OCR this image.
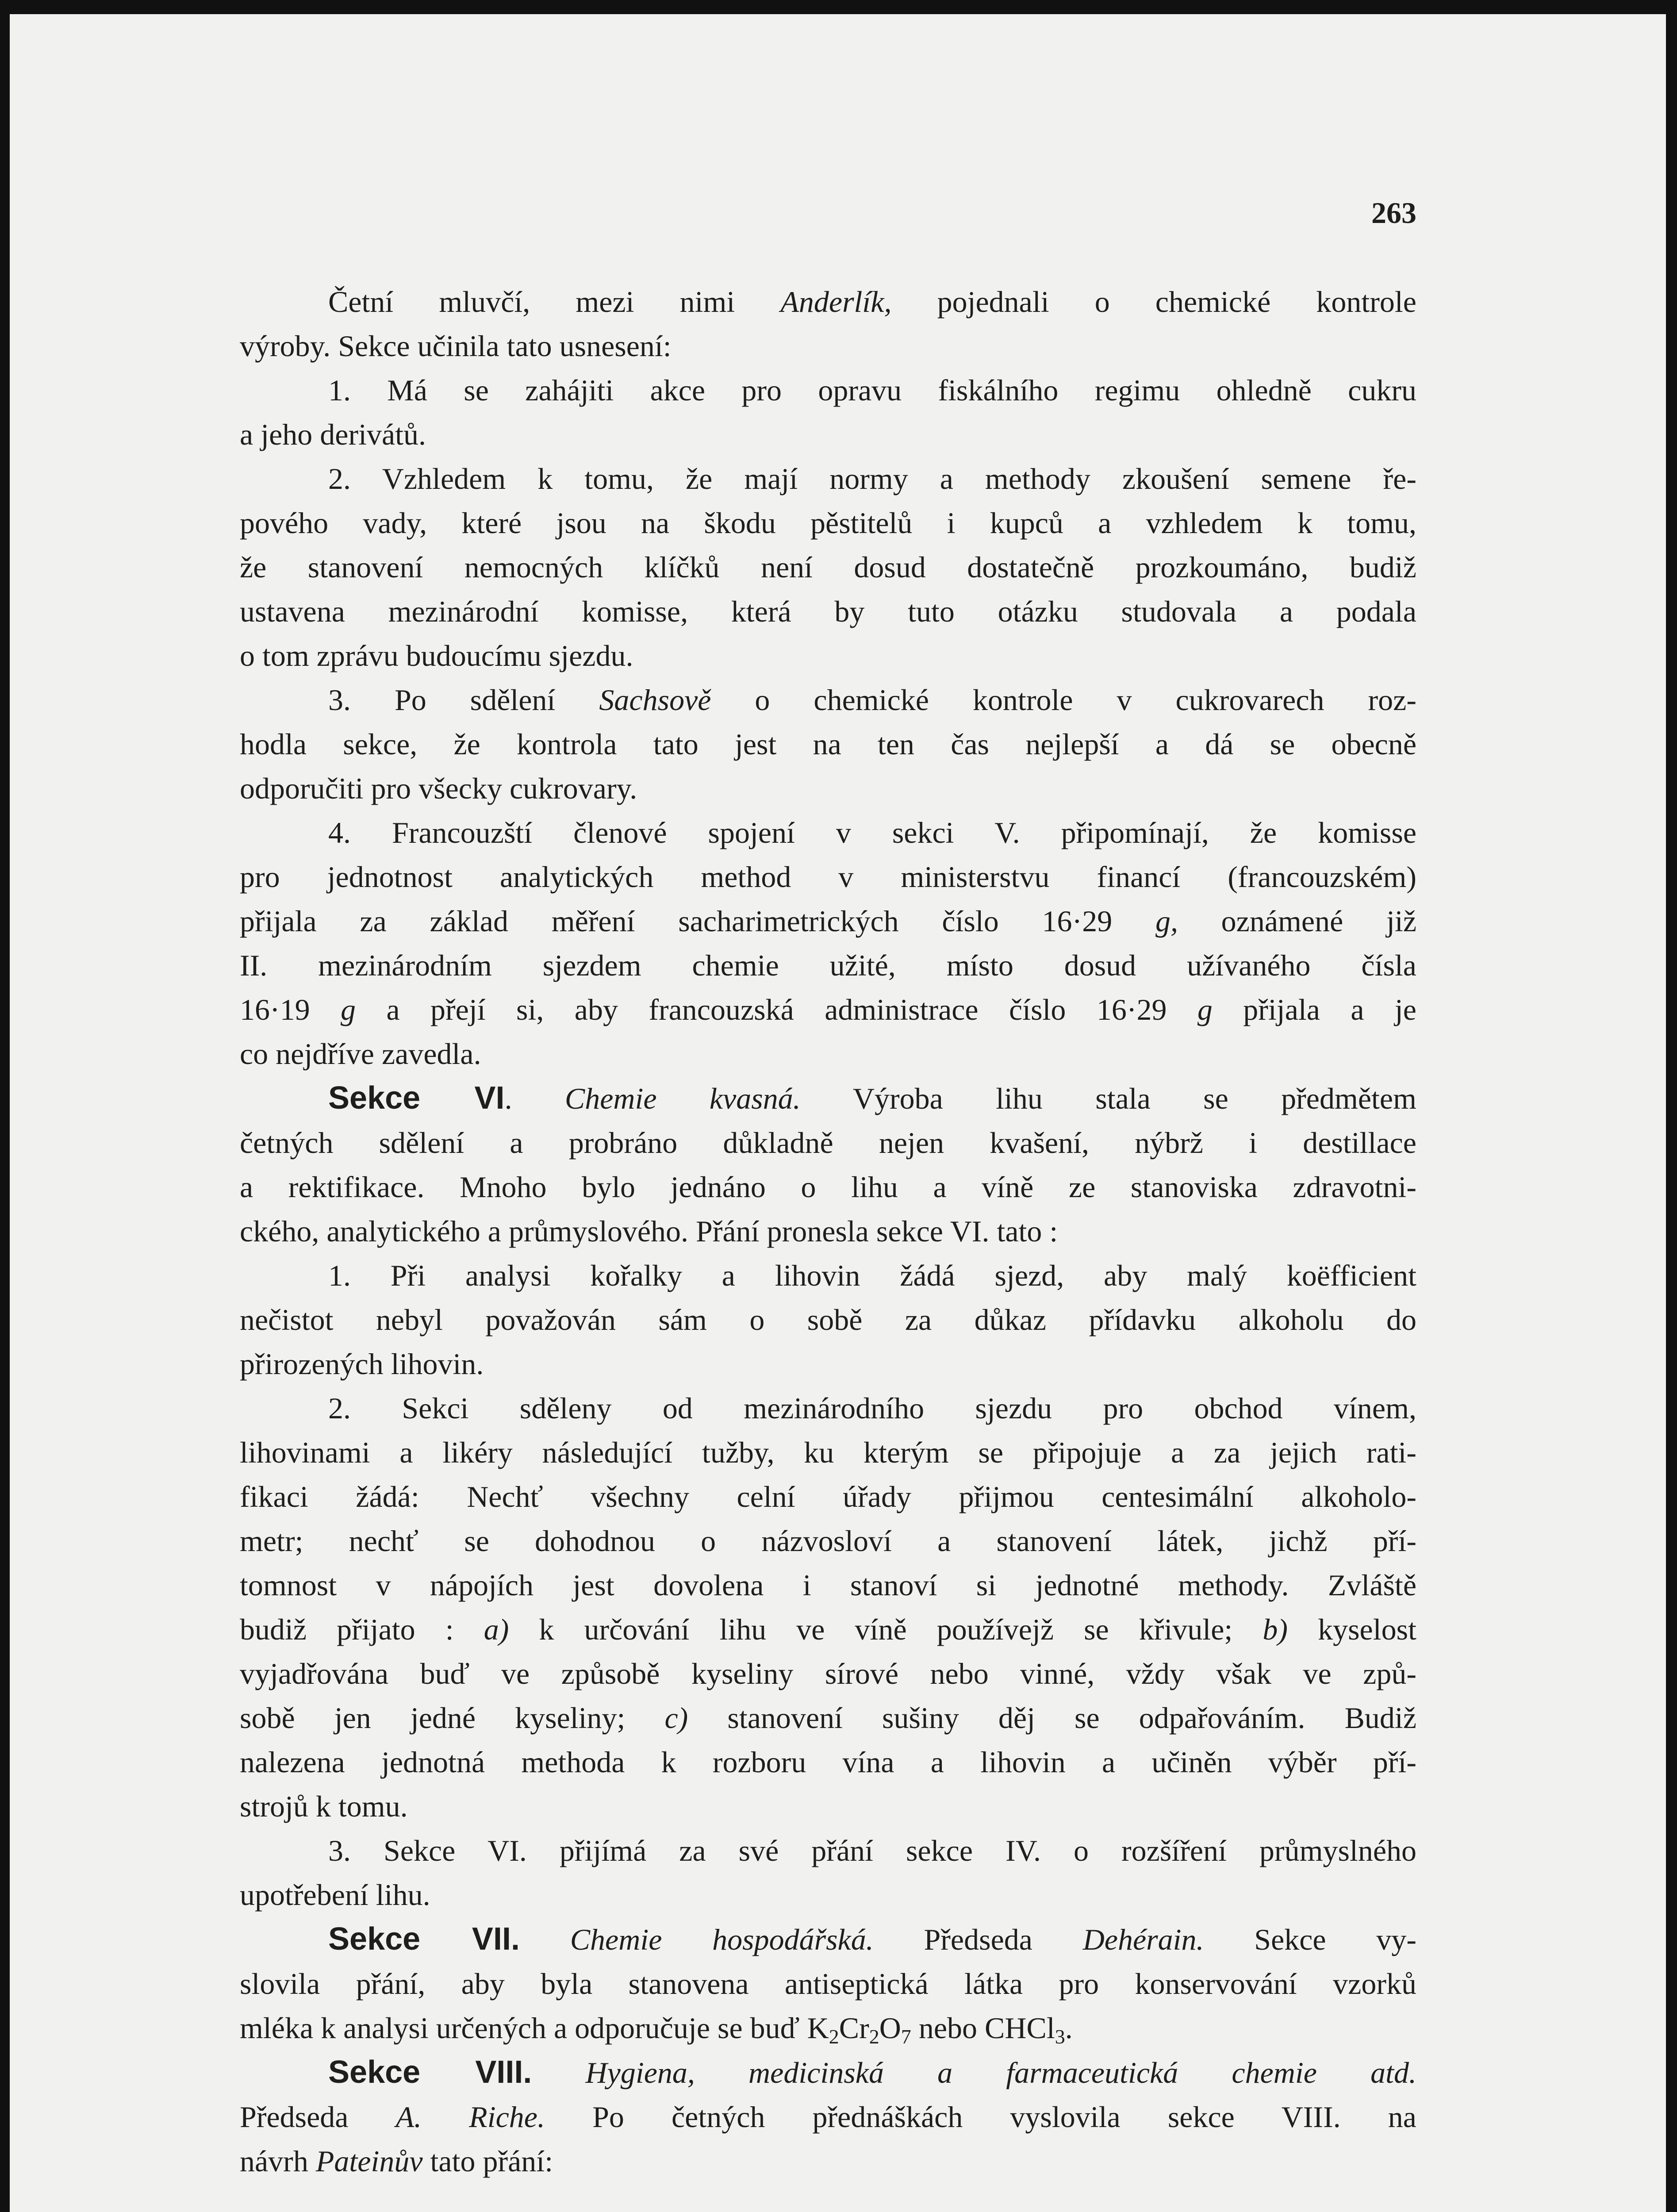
263
Četní mluvčí, mezi nimi Anderlík, pojednali o chemické kontrole
výroby. Sekce učinila tato usnesení:
1. Má se zahájiti akce pro opravu fiskálního regimu ohledně cukru
a jeho derivátů.
2. Vzhledem k tomu, že mají normy a methody zkoušení semene ře-
pového vady, které jsou na škodu pěstitelů i kupců a vzhledem k tomu,
že stanovení nemocných klíčků není dosud dostatečně prozkoumáno, budiž
ustavena mezinárodní komisse, která by tuto otázku studovala a podala
o tom zprávu budoucímu sjezdu.
3. Po sdělení Sachsově o chemické kontrole v cukrovarech roz-
hodla sekce, že kontrola tato jest na ten čas nejlepší a dá se obecně
odporučiti pro všecky cukrovary.
4. Francouzští členové spojení v sekci V. připomínají, že komisse
pro jednotnost analytických method v ministerstvu financí (francouzském)
přijala za základ měření sacharimetrických číslo 16·29 g, oznámené již
II. mezinárodním sjezdem chemie užité, místo dosud užívaného čísla
16·19 g a přejí si, aby francouzská administrace číslo 16·29 g přijala a je
co nejdříve zavedla.
Sekce VI. Chemie kvasná. Výroba lihu stala se předmětem
četných sdělení a probráno důkladně nejen kvašení, nýbrž i destillace
a rektifikace. Mnoho bylo jednáno o lihu a víně ze stanoviska zdravotni-
ckého, analytického a průmyslového. Přání pronesla sekce VI. tato :
1. Při analysi kořalky a lihovin žádá sjezd, aby malý koëfficient
nečistot nebyl považován sám o sobě za důkaz přídavku alkoholu do
přirozených lihovin.
2. Sekci sděleny od mezinárodního sjezdu pro obchod vínem,
lihovinami a likéry následující tužby, ku kterým se připojuje a za jejich rati-
fikaci žádá: Nechť všechny celní úřady přijmou centesimální alkoholo-
metr; nechť se dohodnou o názvosloví a stanovení látek, jichž pří-
tomnost v nápojích jest dovolena i stanoví si jednotné methody. Zvláště
budiž přijato : a) k určování lihu ve víně používejž se křivule; b) kyselost
vyjadřována buď ve způsobě kyseliny sírové nebo vinné, vždy však ve způ-
sobě jen jedné kyseliny; c) stanovení sušiny děj se odpařováním. Budiž
nalezena jednotná methoda k rozboru vína a lihovin a učiněn výběr pří-
strojů k tomu.
3. Sekce VI. přijímá za své přání sekce IV. o rozšíření průmyslného
upotřebení lihu.
Sekce VII. Chemie hospodářská. Předseda Dehérain. Sekce vy-
slovila přání, aby byla stanovena antiseptická látka pro konservování vzorků
mléka k analysi určených a odporučuje se buď $K_2Cr_2O_7$ nebo CHCl$_3$.
Sekce VIII. Hygiena, medicinská a farmaceutická chemie atd.
Předseda A. Riche. Po četných přednáškách vyslovila sekce VIII. na
návrh Pateinův tato přání:
